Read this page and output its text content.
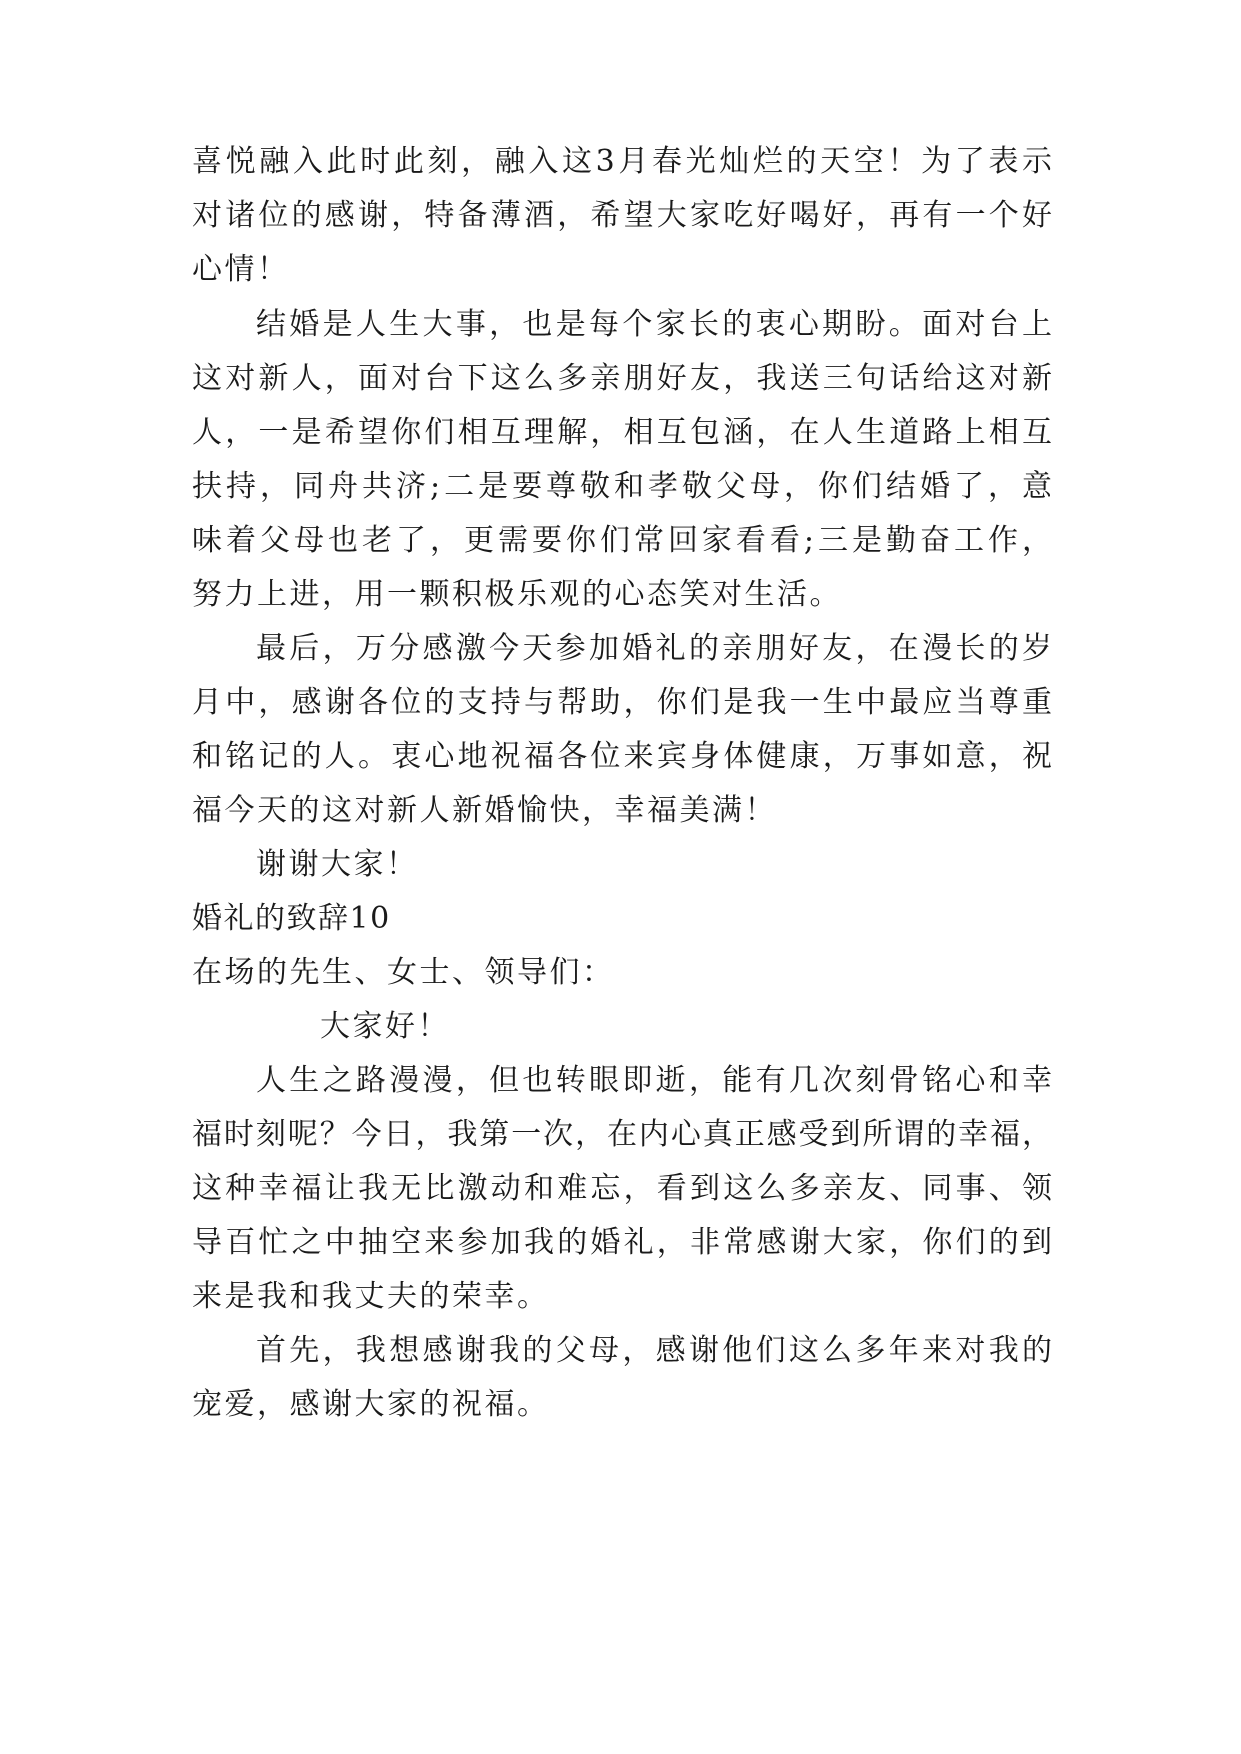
喜悦融入此时此刻，融入这3月春光灿烂的天空！为了表示
对诸位的感谢，特备薄酒，希望大家吃好喝好，再有一个好
心情！
结婚是人生大事，也是每个家长的衷心期盼。面对台上
这对新人，面对台下这么多亲朋好友，我送三句话给这对新
人，一是希望你们相互理解，相互包涵，在人生道路上相互
扶持，同舟共济;二是要尊敬和孝敬父母，你们结婚了，意
味着父母也老了，更需要你们常回家看看;三是勤奋工作，
努力上进，用一颗积极乐观的心态笑对生活。
最后，万分感激今天参加婚礼的亲朋好友，在漫长的岁
月中，感谢各位的支持与帮助，你们是我一生中最应当尊重
和铭记的人。衷心地祝福各位来宾身体健康，万事如意，祝
福今天的这对新人新婚愉快，幸福美满！
谢谢大家！
婚礼的致辞10
在场的先生、女士、领导们：
大家好！
人生之路漫漫，但也转眼即逝，能有几次刻骨铭心和幸
福时刻呢？今日，我第一次，在内心真正感受到所谓的幸福，
这种幸福让我无比激动和难忘，看到这么多亲友、同事、领
导百忙之中抽空来参加我的婚礼，非常感谢大家，你们的到
来是我和我丈夫的荣幸。
首先，我想感谢我的父母，感谢他们这么多年来对我的
宠爱，感谢大家的祝福。
